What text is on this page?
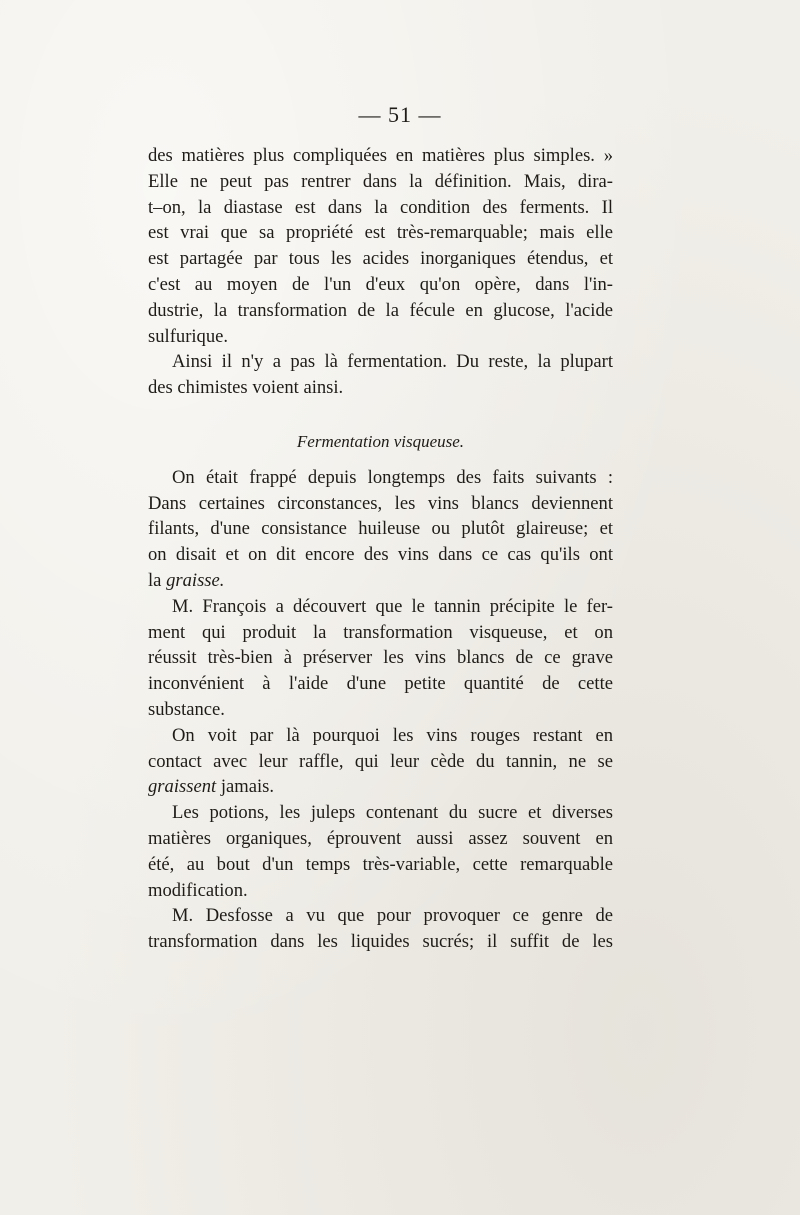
— 51 —
des matières plus compliquées en matières plus simples. »
Elle ne peut pas rentrer dans la définition. Mais, dira-
t–on, la diastase est dans la condition des ferments. Il
est vrai que sa propriété est très-remarquable; mais elle
est partagée par tous les acides inorganiques étendus, et
c'est au moyen de l'un d'eux qu'on opère, dans l'in-
dustrie, la transformation de la fécule en glucose, l'acide
sulfurique.
Ainsi il n'y a pas là fermentation. Du reste, la plupart
des chimistes voient ainsi.
Fermentation visqueuse.
On était frappé depuis longtemps des faits suivants :
Dans certaines circonstances, les vins blancs deviennent
filants, d'une consistance huileuse ou plutôt glaireuse; et
on disait et on dit encore des vins dans ce cas qu'ils ont
la graisse.
M. François a découvert que le tannin précipite le fer-
ment qui produit la transformation visqueuse, et on
réussit très-bien à préserver les vins blancs de ce grave
inconvénient à l'aide d'une petite quantité de cette
substance.
On voit par là pourquoi les vins rouges restant en
contact avec leur raffle, qui leur cède du tannin, ne se
graissent jamais.
Les potions, les juleps contenant du sucre et diverses
matières organiques, éprouvent aussi assez souvent en
été, au bout d'un temps très-variable, cette remarquable
modification.
M. Desfosse a vu que pour provoquer ce genre de
transformation dans les liquides sucrés; il suffit de les
